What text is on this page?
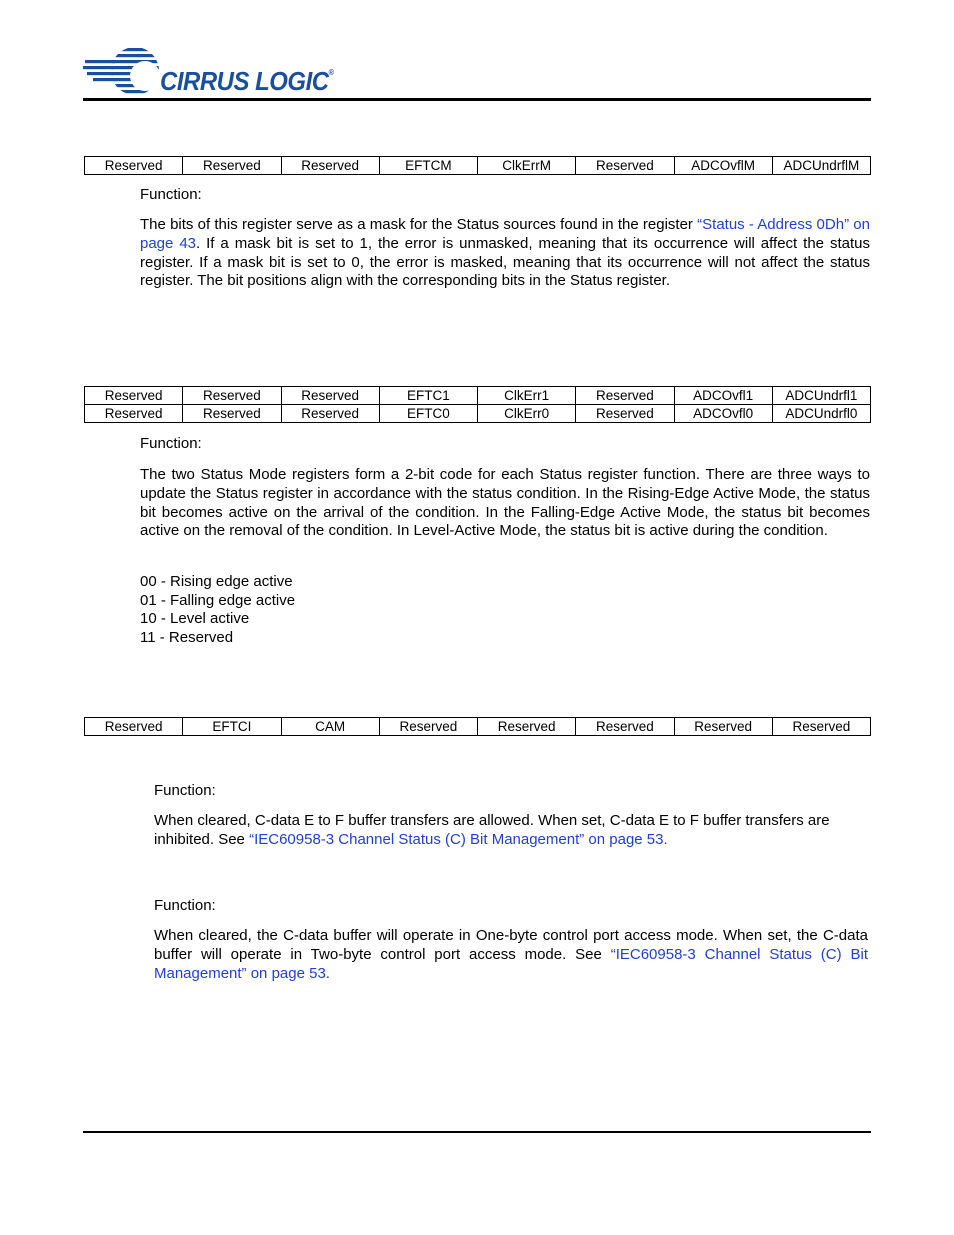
CIRRUS LOGIC®
Reserved	Reserved	Reserved	EFTCM	ClkErrM	Reserved	ADCOvflM	ADCUndrflM
Function:
The bits of this register serve as a mask for the Status sources found in the register “Status - Address 0Dh” on page 43. If a mask bit is set to 1, the error is unmasked, meaning that its occurrence will affect the status register. If a mask bit is set to 0, the error is masked, meaning that its occurrence will not affect the status register. The bit positions align with the corresponding bits in the Status register.
Reserved	Reserved	Reserved	EFTC1	ClkErr1	Reserved	ADCOvfl1	ADCUndrfl1
Reserved	Reserved	Reserved	EFTC0	ClkErr0	Reserved	ADCOvfl0	ADCUndrfl0
Function:
The two Status Mode registers form a 2-bit code for each Status register function. There are three ways to update the Status register in accordance with the status condition. In the Rising-Edge Active Mode, the status bit becomes active on the arrival of the condition. In the Falling-Edge Active Mode, the status bit becomes active on the removal of the condition. In Level-Active Mode, the status bit is active during the condition.
00 - Rising edge active
01 - Falling edge active
10 - Level active
11 - Reserved
Reserved	EFTCI	CAM	Reserved	Reserved	Reserved	Reserved	Reserved
Function:
When cleared, C-data E to F buffer transfers are allowed. When set, C-data E to F buffer transfers are inhibited. See “IEC60958-3 Channel Status (C) Bit Management” on page 53.
Function:
When cleared, the C-data buffer will operate in One-byte control port access mode. When set, the C-data buffer will operate in Two-byte control port access mode. See “IEC60958-3 Channel Status (C) Bit Management” on page 53.
